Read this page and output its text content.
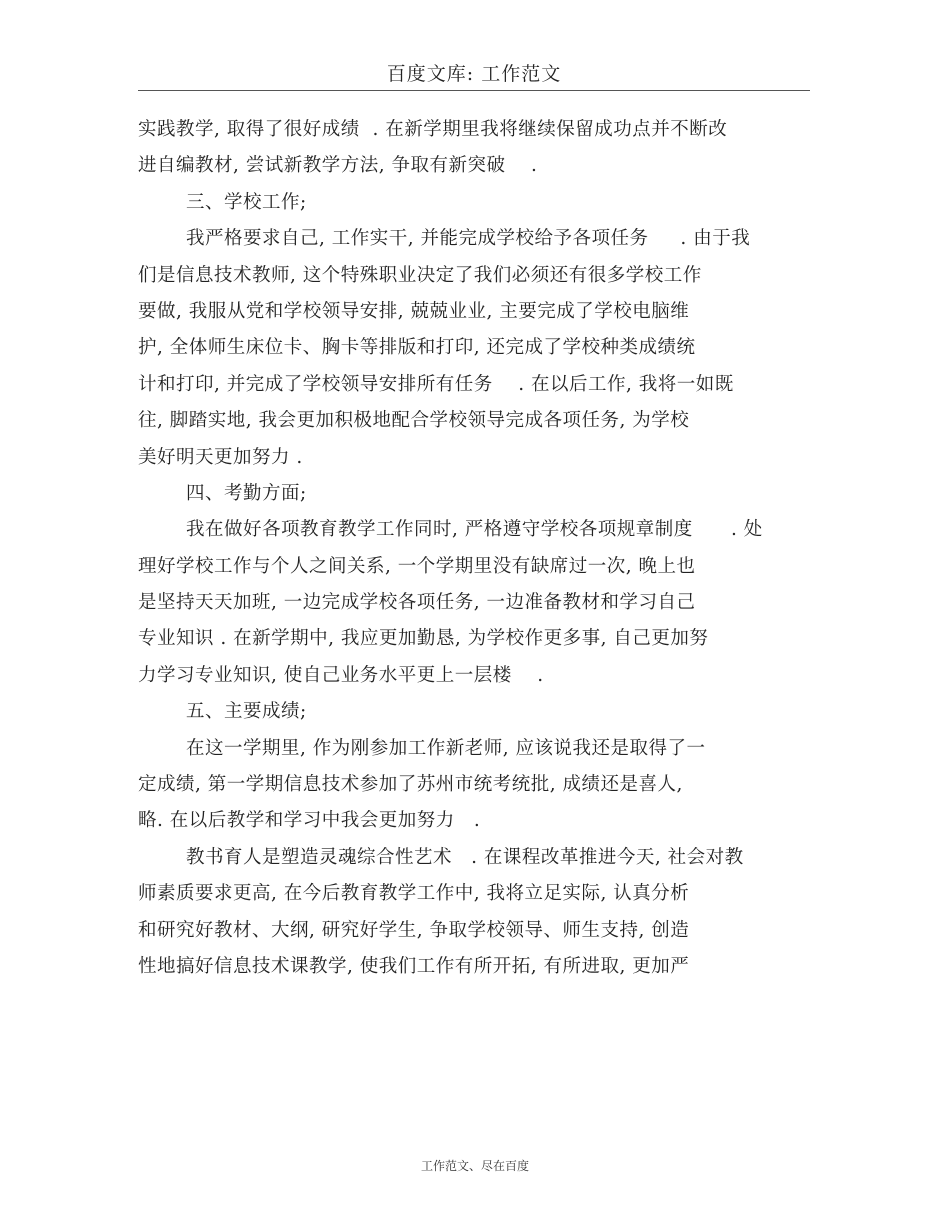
百度文库: 工作范文
实践教学, 取得了很好成绩  . 在新学期里我将继续保留成功点并不断改
进自编教材, 尝试新教学方法, 争取有新突破    .
三、学校工作;
我严格要求自己, 工作实干, 并能完成学校给予各项任务     . 由于我
们是信息技术教师, 这个特殊职业决定了我们必须还有很多学校工作
要做, 我服从党和学校领导安排, 兢兢业业, 主要完成了学校电脑维
护, 全体师生床位卡、胸卡等排版和打印, 还完成了学校种类成绩统
计和打印, 并完成了学校领导安排所有任务    . 在以后工作, 我将一如既
往, 脚踏实地, 我会更加积极地配合学校领导完成各项任务, 为学校
美好明天更加努力 .
四、考勤方面;
我在做好各项教育教学工作同时, 严格遵守学校各项规章制度      . 处
理好学校工作与个人之间关系, 一个学期里没有缺席过一次, 晚上也
是坚持天天加班, 一边完成学校各项任务, 一边准备教材和学习自己
专业知识 . 在新学期中, 我应更加勤恳, 为学校作更多事, 自己更加努
力学习专业知识, 使自己业务水平更上一层楼    .
五、主要成绩;
在这一学期里, 作为刚参加工作新老师, 应该说我还是取得了一
定成绩, 第一学期信息技术参加了苏州市统考统批, 成绩还是喜人,
略. 在以后教学和学习中我会更加努力   .
教书育人是塑造灵魂综合性艺术   . 在课程改革推进今天, 社会对教
师素质要求更高, 在今后教育教学工作中, 我将立足实际, 认真分析
和研究好教材、大纲, 研究好学生, 争取学校领导、师生支持, 创造
性地搞好信息技术课教学, 使我们工作有所开拓, 有所进取, 更加严
工作范文、尽在百度
